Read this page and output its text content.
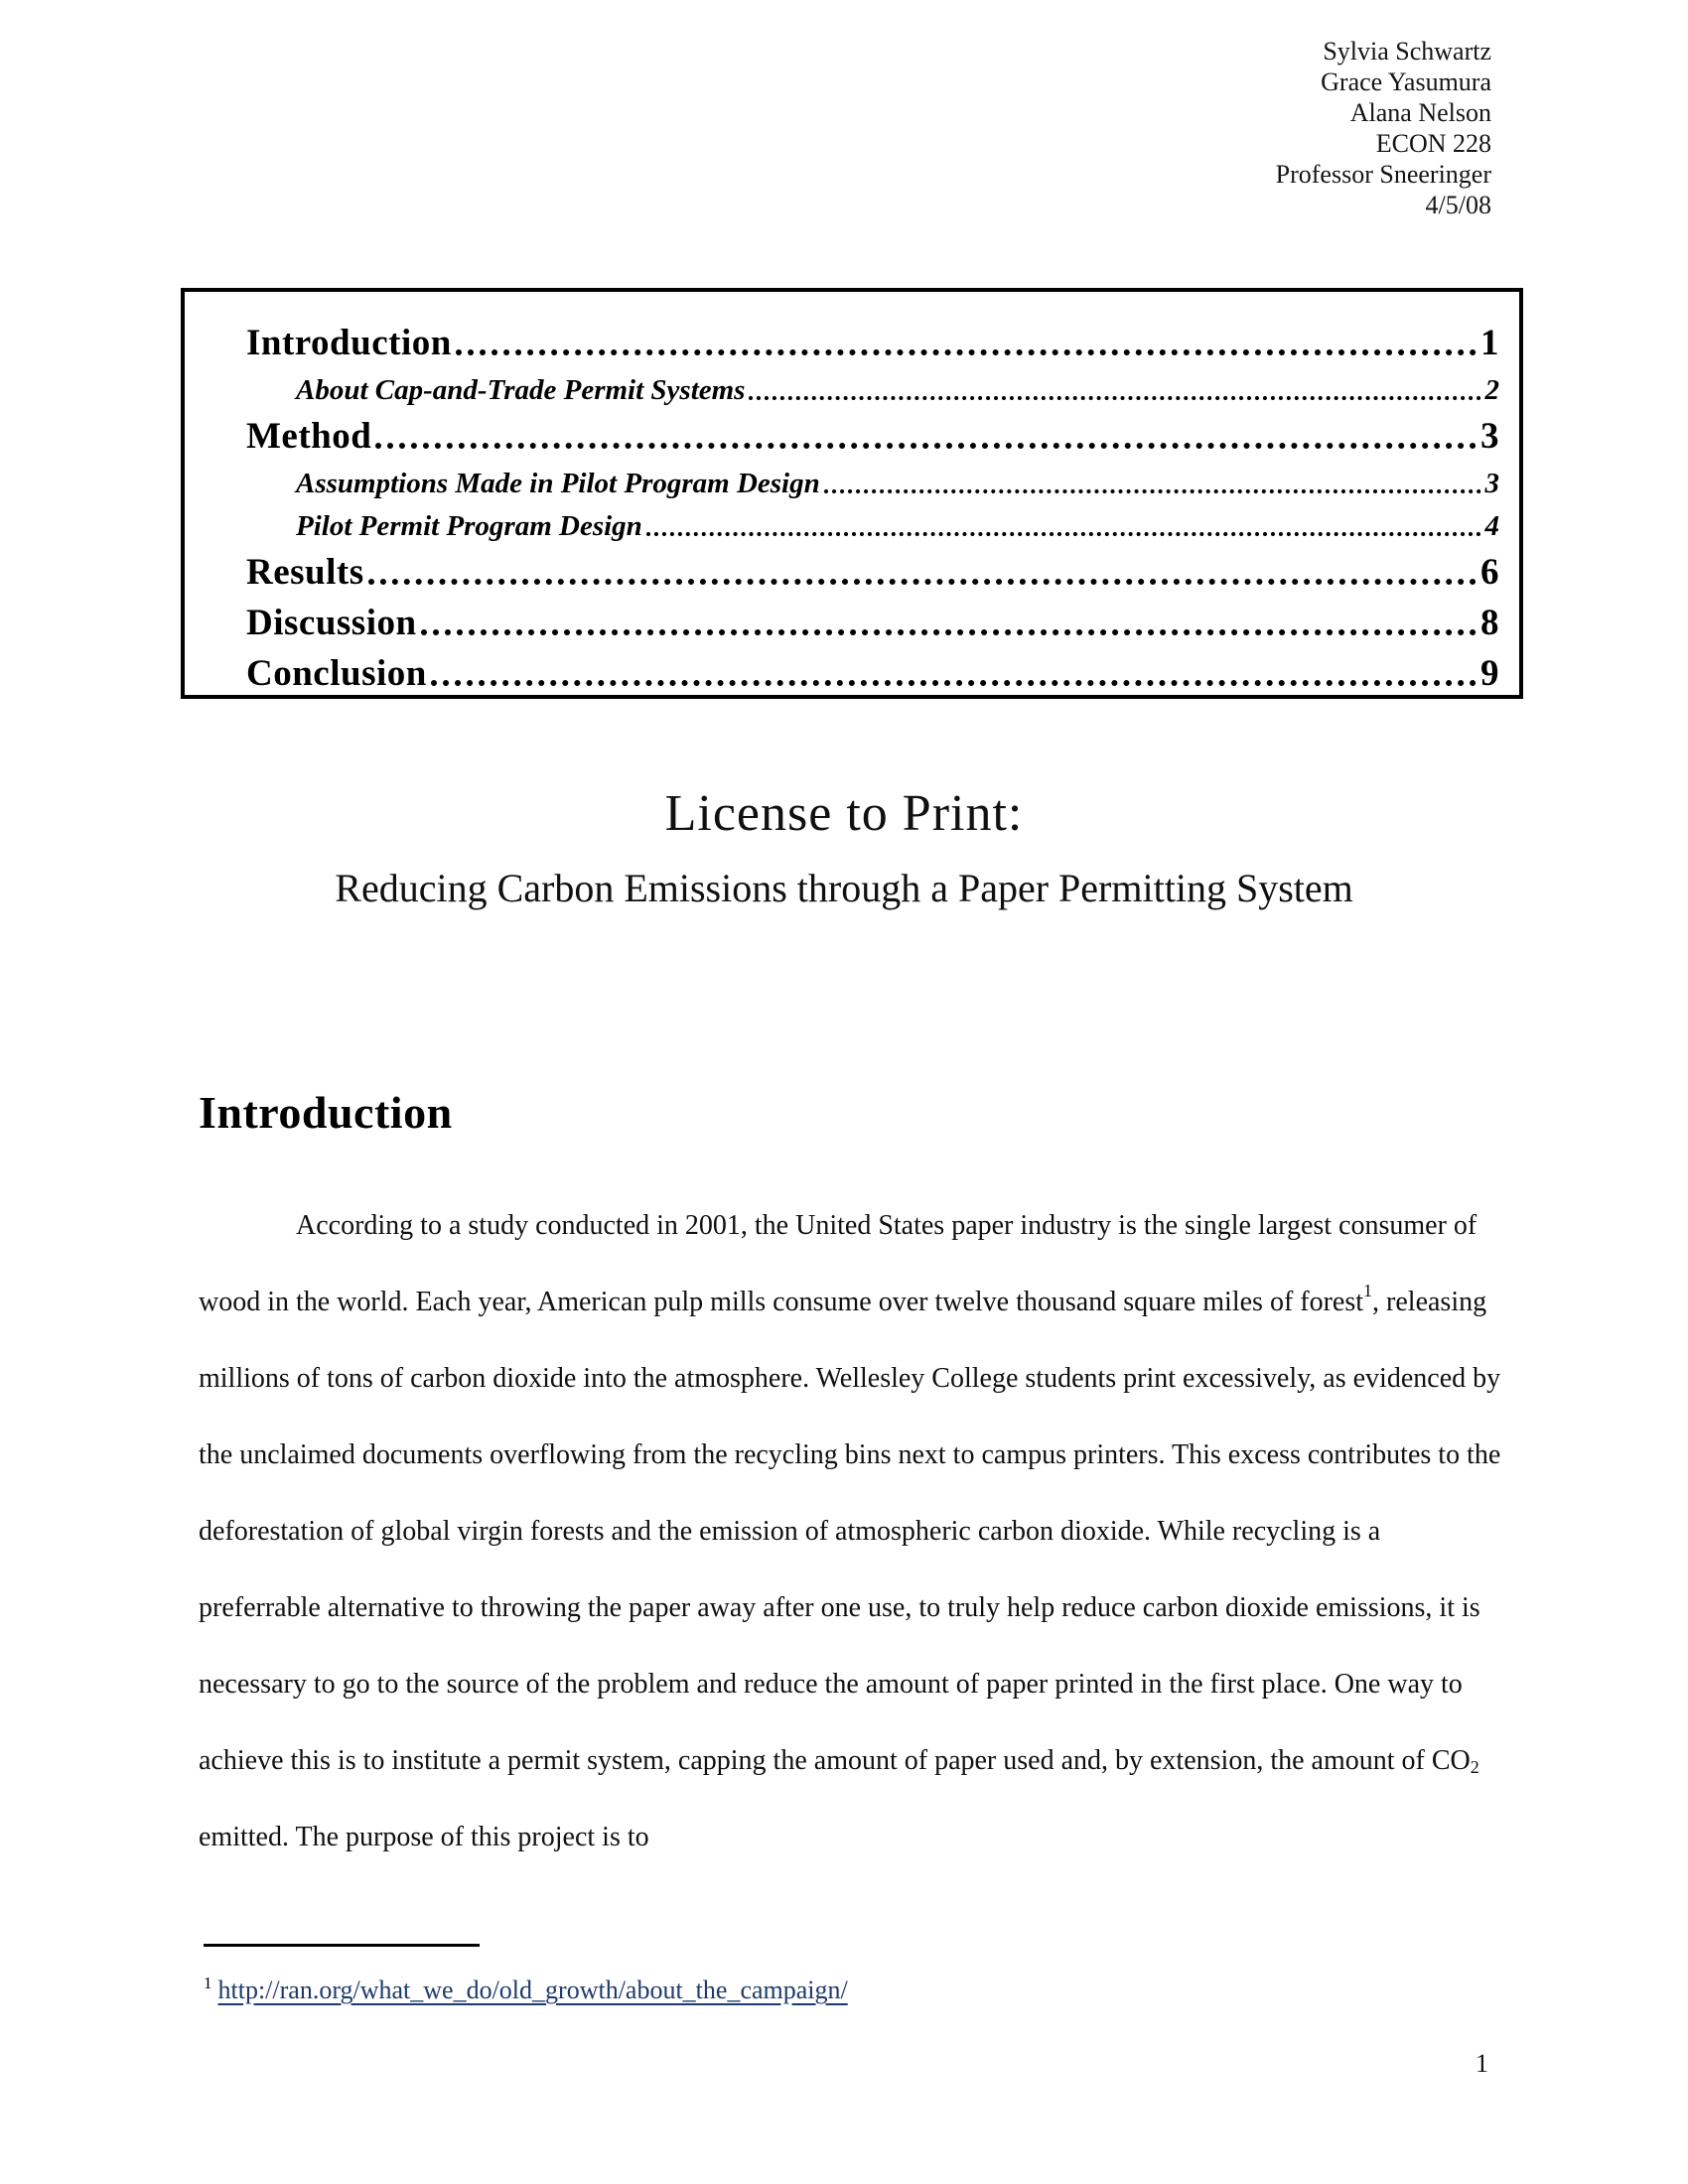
Sylvia Schwartz
Grace Yasumura
Alana Nelson
ECON 228
Professor Sneeringer
4/5/08
Introduction	1
About Cap-and-Trade Permit Systems	2
Method	3
Assumptions Made in Pilot Program Design	3
Pilot Permit Program Design	4
Results	6
Discussion	8
Conclusion	9
License to Print:
Reducing Carbon Emissions through a Paper Permitting System
Introduction

According to a study conducted in 2001, the United States paper industry is the single largest consumer of wood in the world. Each year, American pulp mills consume over twelve thousand square miles of forest$^1$, releasing millions of tons of carbon dioxide into the atmosphere. Wellesley College students print excessively, as evidenced by the unclaimed documents overflowing from the recycling bins next to campus printers. This excess contributes to the deforestation of global virgin forests and the emission of atmospheric carbon dioxide. While recycling is a preferrable alternative to throwing the paper away after one use, to truly help reduce carbon dioxide emissions, it is necessary to go to the source of the problem and reduce the amount of paper printed in the first place. One way to achieve this is to institute a permit system, capping the amount of paper used and, by extension, the amount of $CO_2$ emitted. The purpose of this project is to

$^1$ http://ran.org/what_we_do/old_growth/about_the_campaign/
1
